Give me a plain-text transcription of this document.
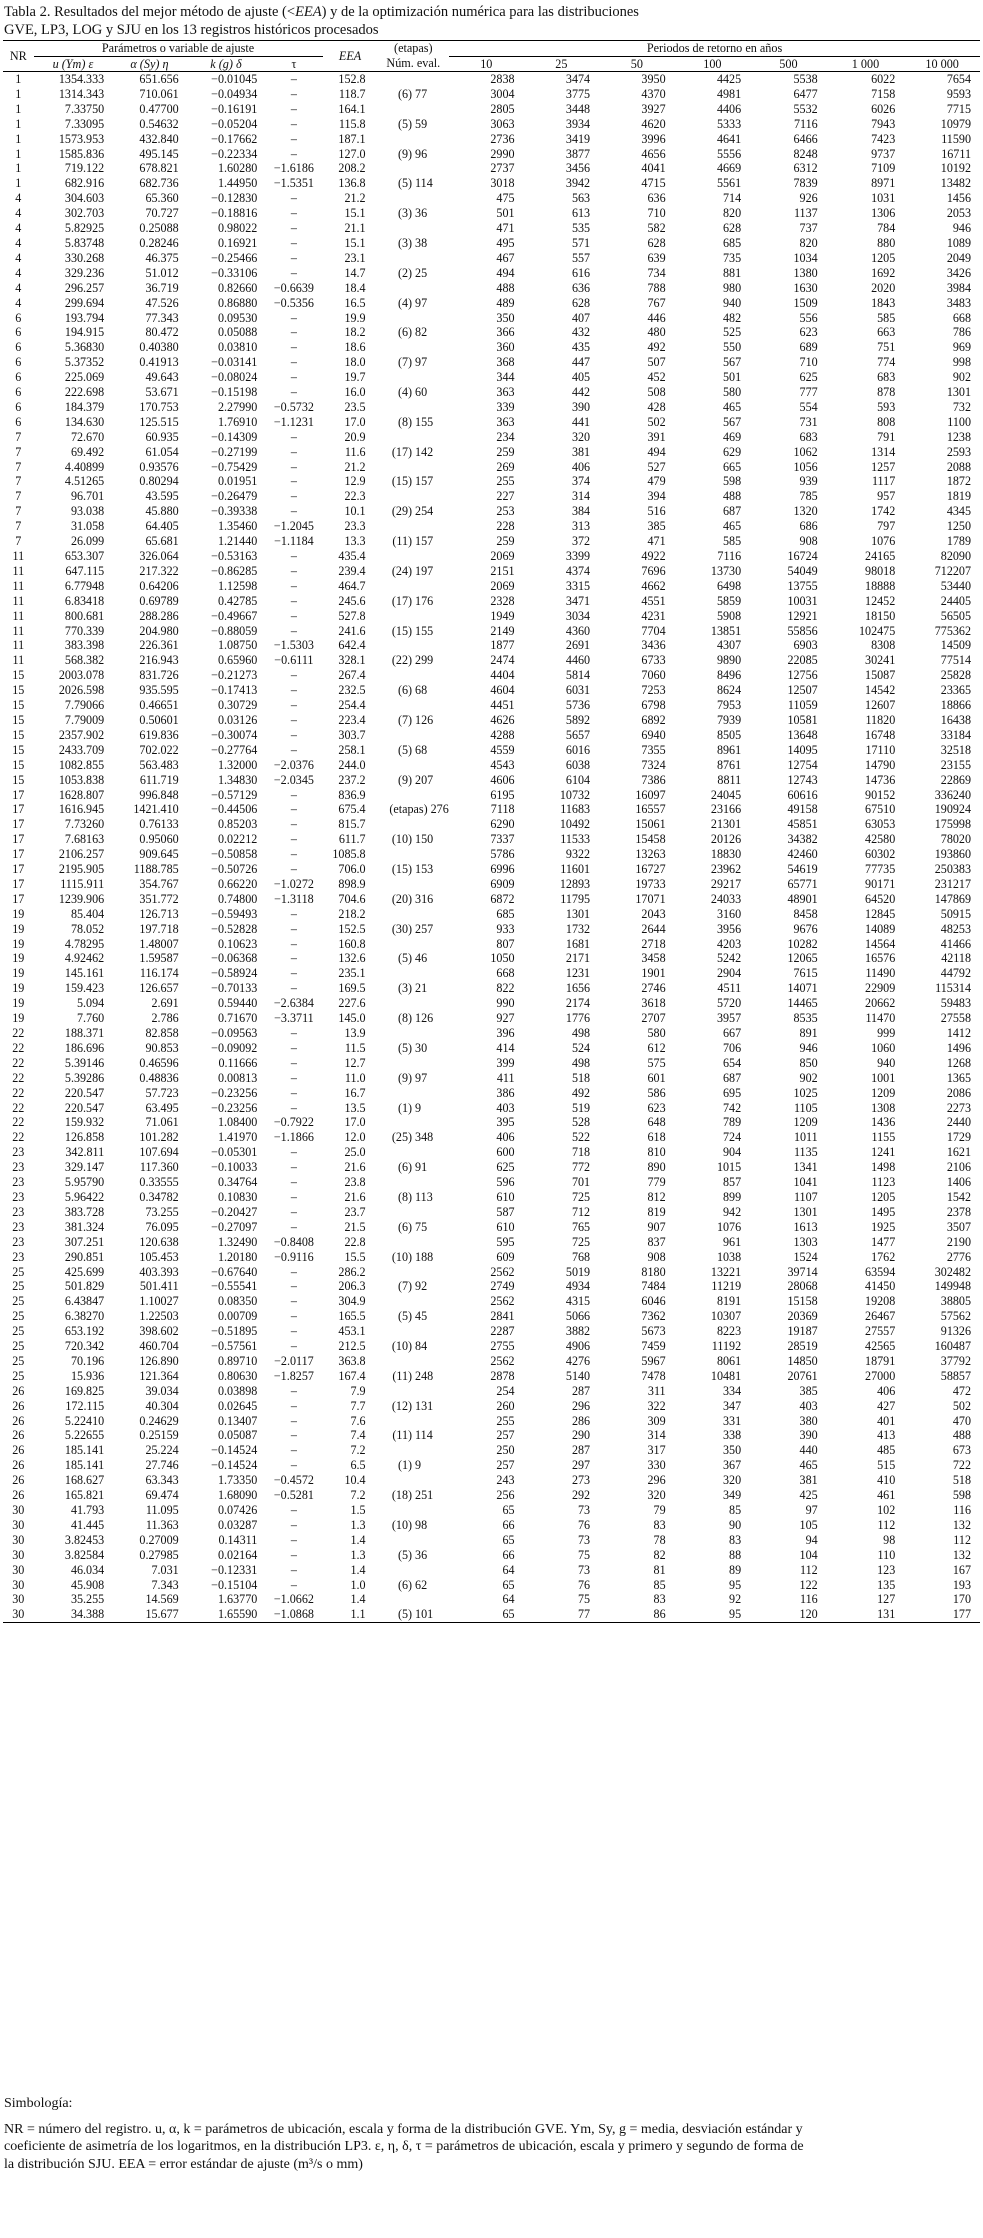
Tabla 2. Resultados del mejor método de ajuste (<EEA) y de la optimización numérica para las distribuciones
GVE, LP3, LOG y SJU en los 13 registros históricos procesados
NR	Parámetros o variable de ajuste				EEA	(etapas)	Periodos de retorno en años						
	u (Ym) ε	α (Sy) η	k (g) δ	τ		Núm. eval.	10	25	50	100	500	1 000	10 000
1	1354.333	651.656	−0.01045	–	152.8		2838	3474	3950	4425	5538	6022	7654
1	1314.343	710.061	−0.04934	–	118.7	(6) 77	3004	3775	4370	4981	6477	7158	9593
1	7.33750	0.47700	−0.16191	–	164.1		2805	3448	3927	4406	5532	6026	7715
1	7.33095	0.54632	−0.05204	–	115.8	(5) 59	3063	3934	4620	5333	7116	7943	10979
1	1573.953	432.840	−0.17662	–	187.1		2736	3419	3996	4641	6466	7423	11590
1	1585.836	495.145	−0.22334	–	127.0	(9) 96	2990	3877	4656	5556	8248	9737	16711
1	719.122	678.821	1.60280	−1.6186	208.2		2737	3456	4041	4669	6312	7109	10192
1	682.916	682.736	1.44950	−1.5351	136.8	(5) 114	3018	3942	4715	5561	7839	8971	13482
4	304.603	65.360	−0.12830	–	21.2		475	563	636	714	926	1031	1456
4	302.703	70.727	−0.18816	–	15.1	(3) 36	501	613	710	820	1137	1306	2053
4	5.82925	0.25088	0.98022	–	21.1		471	535	582	628	737	784	946
4	5.83748	0.28246	0.16921	–	15.1	(3) 38	495	571	628	685	820	880	1089
4	330.268	46.375	−0.25466	–	23.1		467	557	639	735	1034	1205	2049
4	329.236	51.012	−0.33106	–	14.7	(2) 25	494	616	734	881	1380	1692	3426
4	296.257	36.719	0.82660	−0.6639	18.4		488	636	788	980	1630	2020	3984
4	299.694	47.526	0.86880	−0.5356	16.5	(4) 97	489	628	767	940	1509	1843	3483
6	193.794	77.343	0.09530	–	19.9		350	407	446	482	556	585	668
6	194.915	80.472	0.05088	–	18.2	(6) 82	366	432	480	525	623	663	786
6	5.36830	0.40380	0.03810	–	18.6		360	435	492	550	689	751	969
6	5.37352	0.41913	−0.03141	–	18.0	(7) 97	368	447	507	567	710	774	998
6	225.069	49.643	−0.08024	–	19.7		344	405	452	501	625	683	902
6	222.698	53.671	−0.15198	–	16.0	(4) 60	363	442	508	580	777	878	1301
6	184.379	170.753	2.27990	−0.5732	23.5		339	390	428	465	554	593	732
6	134.630	125.515	1.76910	−1.1231	17.0	(8) 155	363	441	502	567	731	808	1100
7	72.670	60.935	−0.14309	–	20.9		234	320	391	469	683	791	1238
7	69.492	61.054	−0.27199	–	11.6	(17) 142	259	381	494	629	1062	1314	2593
7	4.40899	0.93576	−0.75429	–	21.2		269	406	527	665	1056	1257	2088
7	4.51265	0.80294	0.01951	–	12.9	(15) 157	255	374	479	598	939	1117	1872
7	96.701	43.595	−0.26479	–	22.3		227	314	394	488	785	957	1819
7	93.038	45.880	−0.39338	–	10.1	(29) 254	253	384	516	687	1320	1742	4345
7	31.058	64.405	1.35460	−1.2045	23.3		228	313	385	465	686	797	1250
7	26.099	65.681	1.21440	−1.1184	13.3	(11) 157	259	372	471	585	908	1076	1789
11	653.307	326.064	−0.53163	–	435.4		2069	3399	4922	7116	16724	24165	82090
11	647.115	217.322	−0.86285	–	239.4	(24) 197	2151	4374	7696	13730	54049	98018	712207
11	6.77948	0.64206	1.12598	–	464.7		2069	3315	4662	6498	13755	18888	53440
11	6.83418	0.69789	0.42785	–	245.6	(17) 176	2328	3471	4551	5859	10031	12452	24405
11	800.681	288.286	−0.49667	–	527.8		1949	3034	4231	5908	12921	18150	56505
11	770.339	204.980	−0.88059	–	241.6	(15) 155	2149	4360	7704	13851	55856	102475	775362
11	383.398	226.361	1.08750	−1.5303	642.4		1877	2691	3436	4307	6903	8308	14509
11	568.382	216.943	0.65960	−0.6111	328.1	(22) 299	2474	4460	6733	9890	22085	30241	77514
15	2003.078	831.726	−0.21273	–	267.4		4404	5814	7060	8496	12756	15087	25828
15	2026.598	935.595	−0.17413	–	232.5	(6) 68	4604	6031	7253	8624	12507	14542	23365
15	7.79066	0.46651	0.30729	–	254.4		4451	5736	6798	7953	11059	12607	18866
15	7.79009	0.50601	0.03126	–	223.4	(7) 126	4626	5892	6892	7939	10581	11820	16438
15	2357.902	619.836	−0.30074	–	303.7		4288	5657	6940	8505	13648	16748	33184
15	2433.709	702.022	−0.27764	–	258.1	(5) 68	4559	6016	7355	8961	14095	17110	32518
15	1082.855	563.483	1.32000	−2.0376	244.0		4543	6038	7324	8761	12754	14790	23155
15	1053.838	611.719	1.34830	−2.0345	237.2	(9) 207	4606	6104	7386	8811	12743	14736	22869
17	1628.807	996.848	−0.57129	–	836.9		6195	10732	16097	24045	60616	90152	336240
17	1616.945	1421.410	−0.44506	–	675.4	(etapas) 276	7118	11683	16557	23166	49158	67510	190924
17	7.73260	0.76133	0.85203	–	815.7		6290	10492	15061	21301	45851	63053	175998
17	7.68163	0.95060	0.02212	–	611.7	(10) 150	7337	11533	15458	20126	34382	42580	78020
17	2106.257	909.645	−0.50858	–	1085.8		5786	9322	13263	18830	42460	60302	193860
17	2195.905	1188.785	−0.50726	–	706.0	(15) 153	6996	11601	16727	23962	54619	77735	250383
17	1115.911	354.767	0.66220	−1.0272	898.9		6909	12893	19733	29217	65771	90171	231217
17	1239.906	351.772	0.74800	−1.3118	704.6	(20) 316	6872	11795	17071	24033	48901	64520	147869
19	85.404	126.713	−0.59493	–	218.2		685	1301	2043	3160	8458	12845	50915
19	78.052	197.718	−0.52828	–	152.5	(30) 257	933	1732	2644	3956	9676	14089	48253
19	4.78295	1.48007	0.10623	–	160.8		807	1681	2718	4203	10282	14564	41466
19	4.92462	1.59587	−0.06368	–	132.6	(5) 46	1050	2171	3458	5242	12065	16576	42118
19	145.161	116.174	−0.58924	–	235.1		668	1231	1901	2904	7615	11490	44792
19	159.423	126.657	−0.70133	–	169.5	(3) 21	822	1656	2746	4511	14071	22909	115314
19	5.094	2.691	0.59440	−2.6384	227.6		990	2174	3618	5720	14465	20662	59483
19	7.760	2.786	0.71670	−3.3711	145.0	(8) 126	927	1776	2707	3957	8535	11470	27558
22	188.371	82.858	−0.09563	–	13.9		396	498	580	667	891	999	1412
22	186.696	90.853	−0.09092	–	11.5	(5) 30	414	524	612	706	946	1060	1496
22	5.39146	0.46596	0.11666	–	12.7		399	498	575	654	850	940	1268
22	5.39286	0.48836	0.00813	–	11.0	(9) 97	411	518	601	687	902	1001	1365
22	220.547	57.723	−0.23256	–	16.7		386	492	586	695	1025	1209	2086
22	220.547	63.495	−0.23256	–	13.5	(1) 9	403	519	623	742	1105	1308	2273
22	159.932	71.061	1.08400	−0.7922	17.0		395	528	648	789	1209	1436	2440
22	126.858	101.282	1.41970	−1.1866	12.0	(25) 348	406	522	618	724	1011	1155	1729
23	342.811	107.694	−0.05301	–	25.0		600	718	810	904	1135	1241	1621
23	329.147	117.360	−0.10033	–	21.6	(6) 91	625	772	890	1015	1341	1498	2106
23	5.95790	0.33555	0.34764	–	23.8		596	701	779	857	1041	1123	1406
23	5.96422	0.34782	0.10830	–	21.6	(8) 113	610	725	812	899	1107	1205	1542
23	383.728	73.255	−0.20427	–	23.7		587	712	819	942	1301	1495	2378
23	381.324	76.095	−0.27097	–	21.5	(6) 75	610	765	907	1076	1613	1925	3507
23	307.251	120.638	1.32490	−0.8408	22.8		595	725	837	961	1303	1477	2190
23	290.851	105.453	1.20180	−0.9116	15.5	(10) 188	609	768	908	1038	1524	1762	2776
25	425.699	403.393	−0.67640	–	286.2		2562	5019	8180	13221	39714	63594	302482
25	501.829	501.411	−0.55541	–	206.3	(7) 92	2749	4934	7484	11219	28068	41450	149948
25	6.43847	1.10027	0.08350	–	304.9		2562	4315	6046	8191	15158	19208	38805
25	6.38270	1.22503	0.00709	–	165.5	(5) 45	2841	5066	7362	10307	20369	26467	57562
25	653.192	398.602	−0.51895	–	453.1		2287	3882	5673	8223	19187	27557	91326
25	720.342	460.704	−0.57561	–	212.5	(10) 84	2755	4906	7459	11192	28519	42565	160487
25	70.196	126.890	0.89710	−2.0117	363.8		2562	4276	5967	8061	14850	18791	37792
25	15.936	121.364	0.80630	−1.8257	167.4	(11) 248	2878	5140	7478	10481	20761	27000	58857
26	169.825	39.034	0.03898	–	7.9		254	287	311	334	385	406	472
26	172.115	40.304	0.02645	–	7.7	(12) 131	260	296	322	347	403	427	502
26	5.22410	0.24629	0.13407	–	7.6		255	286	309	331	380	401	470
26	5.22655	0.25159	0.05087	–	7.4	(11) 114	257	290	314	338	390	413	488
26	185.141	25.224	−0.14524	–	7.2		250	287	317	350	440	485	673
26	185.141	27.746	−0.14524	–	6.5	(1) 9	257	297	330	367	465	515	722
26	168.627	63.343	1.73350	−0.4572	10.4		243	273	296	320	381	410	518
26	165.821	69.474	1.68090	−0.5281	7.2	(18) 251	256	292	320	349	425	461	598
30	41.793	11.095	0.07426	–	1.5		65	73	79	85	97	102	116
30	41.445	11.363	0.03287	–	1.3	(10) 98	66	76	83	90	105	112	132
30	3.82453	0.27009	0.14311	–	1.4		65	73	78	83	94	98	112
30	3.82584	0.27985	0.02164	–	1.3	(5) 36	66	75	82	88	104	110	132
30	46.034	7.031	−0.12331	–	1.4		64	73	81	89	112	123	167
30	45.908	7.343	−0.15104	–	1.0	(6) 62	65	76	85	95	122	135	193
30	35.255	14.569	1.63770	−1.0662	1.4		64	75	83	92	116	127	170
30	34.388	15.677	1.65590	−1.0868	1.1	(5) 101	65	77	86	95	120	131	177
Simbología:
NR = número del registro. u, α, k = parámetros de ubicación, escala y forma de la distribución GVE. Ym, Sy, g = media, desviación estándar y
coeficiente de asimetría de los logaritmos, en la distribución LP3. ε, η, δ, τ = parámetros de ubicación, escala y primero y segundo de forma de
la distribución SJU. EEA = error estándar de ajuste (m³/s o mm)
